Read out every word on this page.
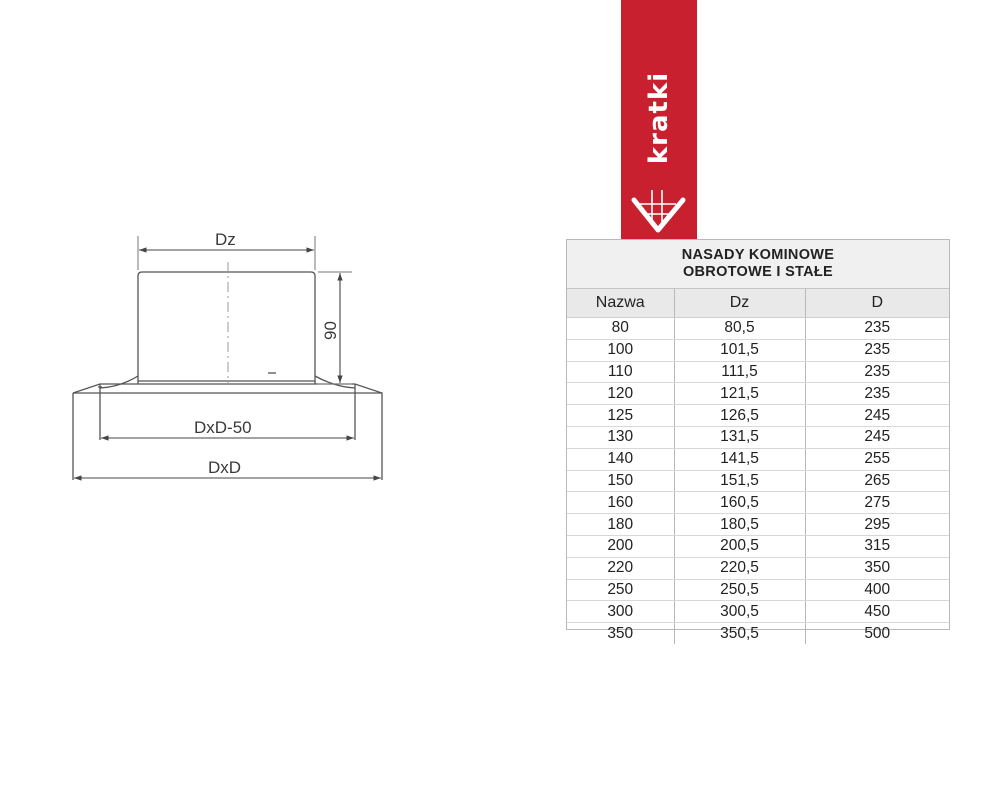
Dz
90
DxD-50
DxD
kratki
NASADY KOMINOWE
OBROTOWE I STAŁE
Nazwa	Dz	D
80	80,5	235
100	101,5	235
110	111,5	235
120	121,5	235
125	126,5	245
130	131,5	245
140	141,5	255
150	151,5	265
160	160,5	275
180	180,5	295
200	200,5	315
220	220,5	350
250	250,5	400
300	300,5	450
350	350,5	500
